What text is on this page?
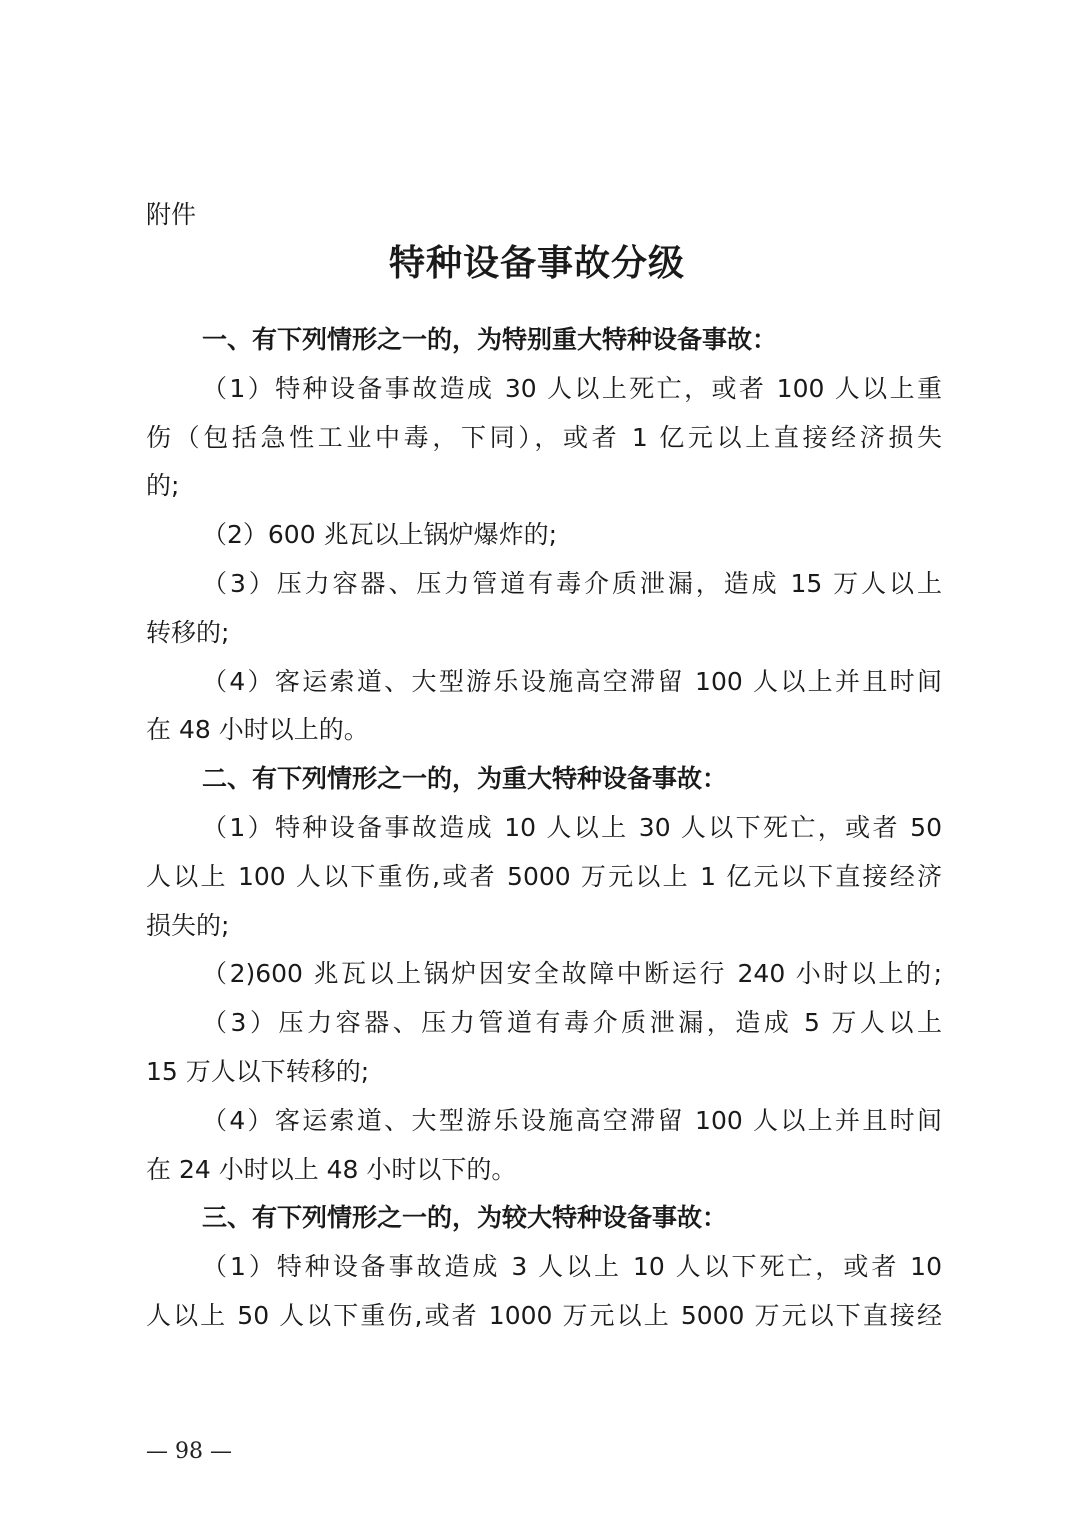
附件
特种设备事故分级
一、有下列情形之一的，为特别重大特种设备事故：
（1）特种设备事故造成 30 人以上死亡，或者 100 人以上重
伤（包括急性工业中毒，下同），或者 1 亿元以上直接经济损失
的;
（2）600 兆瓦以上锅炉爆炸的;
（3）压力容器、压力管道有毒介质泄漏，造成 15 万人以上
转移的;
（4）客运索道、大型游乐设施高空滞留 100 人以上并且时间
在 48 小时以上的。
二、有下列情形之一的，为重大特种设备事故：
（1）特种设备事故造成 10 人以上 30 人以下死亡，或者 50
人以上 100 人以下重伤,或者 5000 万元以上 1 亿元以下直接经济
损失的;
（2)600 兆瓦以上锅炉因安全故障中断运行 240 小时以上的;
（3）压力容器、压力管道有毒介质泄漏，造成 5 万人以上
15 万人以下转移的;
（4）客运索道、大型游乐设施高空滞留 100 人以上并且时间
在 24 小时以上 48 小时以下的。
三、有下列情形之一的，为较大特种设备事故：
（1）特种设备事故造成 3 人以上 10 人以下死亡，或者 10
人以上 50 人以下重伤,或者 1000 万元以上 5000 万元以下直接经
— 98 —
